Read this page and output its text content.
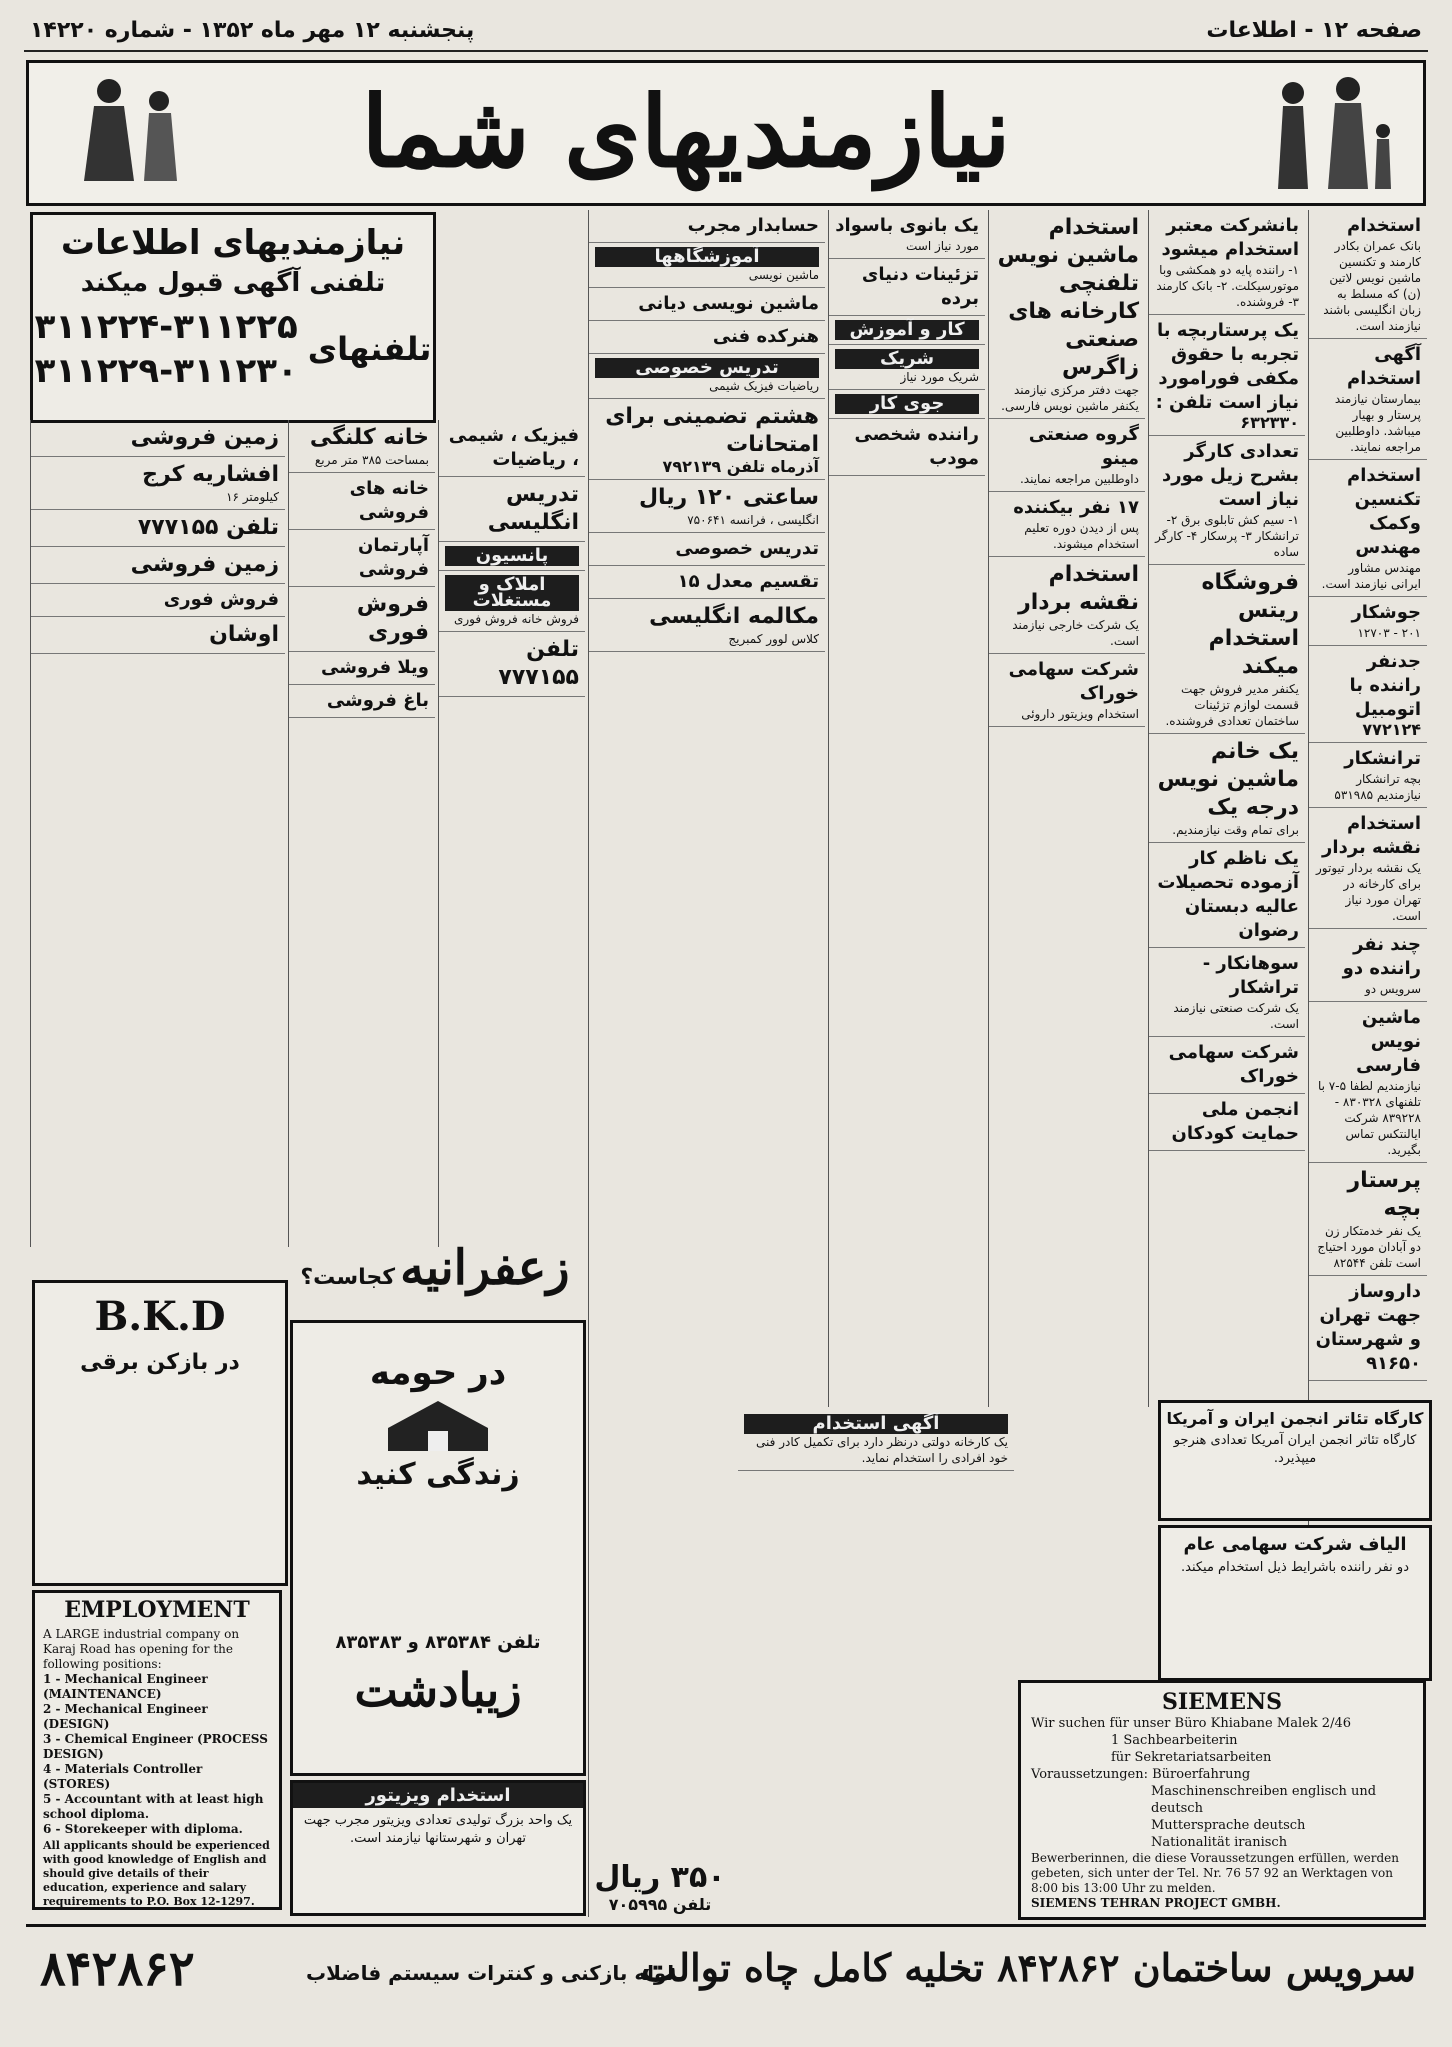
صفحه ۱۲ - اطلاعات
پنجشنبه ۱۲ مهر ماه ۱۳۵۲ - شماره ۱۴۲۲۰
نیازمندیهای شما
نیازمندیهای اطلاعات
تلفنی آگهی قبول میکند
تلفنهای
۳۱۱۲۲۴-۳۱۱۲۲۵
۳۱۱۲۲۹-۳۱۱۲۳۰
استخدام
بانک عمران بکادر کارمند و تکنسین ماشین نویس لاتین (ن) که مسلط به زبان انگلیسی باشند نیازمند است.
آگهی استخدام
بیمارستان نیازمند پرستار و بهیار میباشد. داوطلبین مراجعه نمایند.
استخدام تکنسین وکمک مهندس
مهندس مشاور ایرانی نیازمند است.
جوشکار
۲۰۱ - ۱۲۷۰۳
جدنفر راننده با اتومبیل
۷۷۲۱۲۴
ترانشکار
بچه ترانشکار نیازمندیم ۵۳۱۹۸۵
استخدام نقشه بردار
یک نقشه بردار تیوتور برای کارخانه در تهران مورد نیاز است.
چند نفر راننده دو
سرویس دو
ماشین نویس فارسی
نیازمندیم لطفا ۵-۷ با تلفنهای ۸۳۰۳۲۸ - ۸۳۹۲۲۸ شرکت ایالنتکس تماس بگیرید.
پرستار بچه
یک نفر خدمتکار زن دو آبادان مورد احتیاج است تلفن ۸۲۵۴۴
داروساز جهت تهران و شهرستان ۹۱۶۵۰
بانشرکت معتبر استخدام میشود
۱- راننده پایه دو همکشی وبا موتورسیکلت. ۲- بانک کارمند ۳- فروشنده.
یک پرستاربچه با تجربه با حقوق مکفی فورامورد نیاز است تلفن :
۶۳۲۳۳۰
تعدادی کارگر بشرح زیل مورد نیاز است
۱- سیم کش تابلوی برق ۲- ترانشکار ۳- پرسکار ۴- کارگر ساده
فروشگاه ریتس استخدام میکند
یکنفر مدیر فروش جهت قسمت لوازم تزئینات ساختمان تعدادی فروشنده.
یک خانم ماشین نویس درجه یک
برای تمام وقت نیازمندیم.
یک ناظم کار آزموده تحصیلات عالیه دبستان رضوان
سوهانکار - تراشکار
یک شرکت صنعتی نیازمند است.
شرکت سهامی خوراک
انجمن ملی حمایت کودکان
استخدام ماشین نویس تلفنچی کارخانه های صنعتی زاگرس
جهت دفتر مرکزی نیازمند یکنفر ماشین نویس فارسی.
گروه صنعتی مینو
داوطلبین مراجعه نمایند.
۱۷ نفر بیکننده
پس از دیدن دوره تعلیم استخدام میشوند.
استخدام نقشه بردار
یک شرکت خارجی نیازمند است.
شرکت سهامی خوراک
استخدام ویزیتور داروئی
یک بانوی باسواد
مورد نیاز است
تزئینات دنیای برده
کار و آموزش
شریک
شریک مورد نیاز
جوی کار
راننده شخصی مودب
حسابدار مجرب
آموزشگاهها
ماشین نویسی
ماشین نویسی دیانی
هنرکده فنی
تدریس خصوصی
ریاضیات فیزیک شیمی
هشتم تضمینی برای امتحانات
آذرماه تلفن ۷۹۲۱۳۹
ساعتی ۱۲۰ ریال
انگلیسی ، فرانسه ۷۵۰۶۴۱
تدریس خصوصی
تقسیم معدل ۱۵
مکالمه انگلیسی
کلاس لوور کمبریج
فیزیک ، شیمی ، ریاضیات
تدریس انگلیسی
پانسیون
املاک و مستغلات
فروش خانه فروش فوری
تلفن ۷۷۷۱۵۵
خانه کلنگی
بمساحت ۳۸۵ متر مربع
خانه های فروشی
آپارتمان فروشی
فروش فوری
ویلا فروشی
باغ فروشی
زمین فروشی
افشاریه کرج
کیلومتر ۱۶
تلفن ۷۷۷۱۵۵
زمین فروشی
فروش فوری
اوشان
B.K.D
در بازکن برقی
EMPLOYMENT
A LARGE industrial company on Karaj Road has opening for the following positions:
1 - Mechanical Engineer (MAINTENANCE)
2 - Mechanical Engineer (DESIGN)
3 - Chemical Engineer (PROCESS DESIGN)
4 - Materials Controller (STORES)
5 - Accountant with at least high school diploma.
6 - Storekeeper with diploma.
All applicants should be experienced with good knowledge of English and should give details of their education, experience and salary requirements to P.O. Box 12-1297.
زعفرانیه کجاست؟
در حومه
زندگی کنید
تلفن ۸۳۵۳۸۴ و ۸۳۵۳۸۳
زیبادشت
استخدام ویزیتور
یک واحد بزرگ تولیدی تعدادی ویزیتور مجرب جهت تهران و شهرستانها نیازمند است.
۳۵۰ ریال
تلفن ۷۰۵۹۹۵
کارگاه تئاتر انجمن ایران و آمریکا
کارگاه تئاتر انجمن ایران آمریکا تعدادی هنرجو میپذیرد.
الیاف شرکت سهامی عام
دو نفر راننده باشرایط ذیل استخدام میکند.
SIEMENS
Wir suchen für unser Büro Khiabane Malek 2/46
1 Sachbearbeiterin
für Sekretariatsarbeiten
Voraussetzungen: Büroerfahrung
Maschinenschreiben englisch und deutsch
Muttersprache deutsch
Nationalität iranisch
Bewerberinnen, die diese Voraussetzungen erfüllen, werden gebeten, sich unter der Tel. Nr. 76 57 92 an Werktagen von 8:00 bis 13:00 Uhr zu melden.
SIEMENS TEHRAN PROJECT GMBH.
آگهی استخدام
یک کارخانه دولتی درنظر دارد برای تکمیل کادر فنی خود افرادی را استخدام نماید.
سرویس ساختمان ۸۴۲۸۶۲ تخلیه کامل چاه توالت
لوله بازکنی و کنترات سیستم فاضلاب
۸۴۲۸۶۲
